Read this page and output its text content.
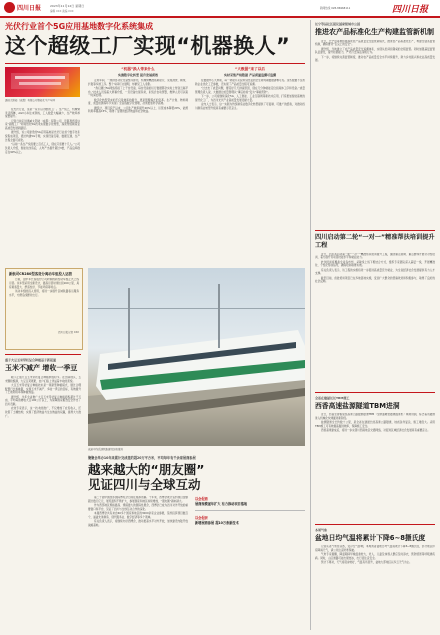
四川日报	2023年11月12日 星期日
编辑 XXX 美编 XXX
新闻热线 028-86968111	四川日报
光伏行业首个5G应用基地数字化系统集成
这个超级工厂实现“机器换人”
通威太阳能（成都）有限公司智能化生产车间

在光伏行业，这是一家引以为傲的工厂。生产线上，机械臂灵活挥舞，AGV小车往来穿梭，工人数量大幅减少，生产效率却成倍提升。

记者日前走进通威太阳能（成都）有限公司，近距离感受这家“超级工厂”如何依托5G技术实现数字化转型，探索传统制造业高质量发展新路径。

据介绍，该公司建设的5G应用基地是光伏行业首个数字化系统集成项目，通过构建5G专网，实现设备互联、数据互通，生产过程全面可视化。

“以前一条生产线需要上百名工人，现在只需要十几人。”公司负责人介绍，智能化改造后，人均产出提升超过3倍，产品良率稳定在99%以上。

“机器”换人带来什么
实施数字化转型 提升发展质效

走进车间，一排排自动化设备整齐排列，机械臂精准抓取硅片，完成清洗、制绒、扩散等多道工序。整个车间灯火通明，却鲜见工人身影。

“我们通过5G网络连接了上千台设备，每台设备的运行数据都会实时上传到云端平台。”技术人员指着大屏幕介绍，一旦设备出现异常，系统会自动预警，维修人员可以第一时间处理。

数字化转型带来的不仅是效率的提升，更是管理模式的变革。生产计划、物料调度、质量检测等环节实现了全流程数字化管理，决策更加科学高效。

据统计，项目投产以来，公司生产效率提升40%以上，运营成本降低20%，能源利用率提高15%，取得了显著的经济效益和社会效益。

“大数据”来了以后
实时采集产线数据 产品质量追溯可追溯

在数据中心大屏前，每一块硅片从投料到出货的全生命周期数据清晰可见。这些数据不仅帮助企业优化工艺参数，还实现了产品质量全程可追溯。

“过去出了质量问题，要花好几天排查原因，现在几分钟就能定位到具体工序和设备。”质量管理负责人说，大数据让质量管理从“事后检验”变为“事前预防”。

下一步，公司将继续深化5G、人工智能、工业互联网等新技术应用，打造更加智能高效的现代化工厂，为四川光伏产业高质量发展贡献力量。

业内人士表示，这一实践为传统制造业数字化转型提供了可复制、可推广的经验，对推动四川制造业转型升级具有重要示范意义。

成渝中线高速铁路建设加快推进
新航司CR280型客货分离动车组投入运营

日前，由中车长客股份公司研制的新型动车组正式上线运营。该车型采用全新设计，最高运营时速达到160公里，具有载客量大、舒适性好、节能环保等特点。

该动车组的投入使用，将进一步提升区域铁路客运服务水平，方便沿线群众出行。

四川日报记者 XXX
盛于大豆玉米带状复合种植基于新起量
玉米不减产 增收一季豆

眼下正值大豆玉米带状复合种植秋收时节。在田间地头，玉米颗粒饱满，大豆豆荚累累，农户们脸上洋溢着丰收的喜悦。

大豆玉米带状复合种植技术是一项新型种植模式，通过合理配置行比和株距，实现玉米不减产、多收一季豆的目标，有效提升了土地利用率和种植效益。

据介绍，今年全省推广大豆玉米带状复合种植面积超过千万亩，平均每亩增收大豆100公斤以上，为保障国家粮食安全作出了四川贡献。

农技专家表示，这一技术的推广，不仅增加了农民收入，还改善了土壤结构，实现了经济效益与生态效益的双赢，值得大力推广。

聚聚会举办10年来累计完成签约超20万平方米，平均每年有千余家展商参展
越来越大的“朋友圈”
见证四川与全球互动

第二十届中国西部国际博览会日前在成都闭幕。十年来，西博会累计签约项目金额超过数万亿元，展览面积不断扩大，参展国家和地区持续增加，“朋友圈”越来越大。

作为西部地区规格最高、规模最大的国际性展会，西博会已成为四川对外开放的重要窗口和平台，见证了四川与全球互动合作的深化。

本届西博会共有来自60多个国家和地区的3000余家企业参展，签约投资项目数百个，涵盖先进制造、现代服务业、数字经济等多个领域。

有关负责人表示，将继续办好西博会，推动更高水平对外开放，加快建设内陆开放战略高地。

以会促商
展商规模逐年扩大 有力推动项目落地
以会促研
新增展商参展 超10万条新技术
长宁等县社区提议国家级城市公园
推进农产品标准化生产构建监管新机制

近日，长宁县等地积极探索农产品质量安全监管新模式，推进农产品标准化生产，构建全链条监管机制，确保群众“舌尖上的安全”。

据介绍，当地建立了农产品质量安全追溯体系，实现从田间到餐桌的全程监管。同时加强基层监管队伍建设，提升检测能力，严厉打击违法违规行为。

下一步，将继续完善监管制度，推动农产品质量安全水平持续提升，助力乡村振兴和农业高质量发展。

四川启动第二轮“一对一”精准帮扶培训提升工程

近日，四川省启动第二轮“一对一”精准帮扶培训提升工程，围绕重点领域、重点群体开展针对性培训，着力提升劳动者技能水平和就业能力。

此次培训将覆盖全省各市州，采取线上线下相结合方式，组织专家团队深入基层一线，开展精准化、个性化帮扶指导，确保培训取得实效。

有关负责人表示，该工程的实施将进一步促进高质量充分就业，为全省经济社会发展提供有力人才支撑。

截至目前，首批培训项目已在多地落地实施，受到广大群众的普遍欢迎和积极参与，取得了良好的社会反响。

全省在建最长长TBM施工
西香高速盐源隧道TBM进洞

近日，西昌至香格里拉高速公路盐源隧道TBM（全断面硬岩隧道掘进机）顺利进洞，标志着该隧道进入机械化快速掘进新阶段。

盐源隧道全长约数十公里，是全省在建最长的高速公路隧道，地质条件复杂，施工难度大。采用TBM施工可有效提高掘进效率，保障施工安全。

西香高速建成后，将进一步完善川西南地区交通网络，对促进区域经济社会发展具有重要意义。

本周气象
盆地日均气温将累计下降6~8摄氏度

记者从省气象台获悉，受冷空气影响，本周我省盆地日均气温将累计下降6~8摄氏度，部分地区伴有降雨天气，请公众注意防寒保暖。

气象专家提醒，降温期间早晚温差较大，老人、儿童及体弱人群应及时添衣，预防感冒等呼吸道疾病。同时，山区道路可能出现结冰，出行需注意安全。

预计下周初，天气将逐步转好，气温有所回升，盆地大部地区以多云天气为主。
